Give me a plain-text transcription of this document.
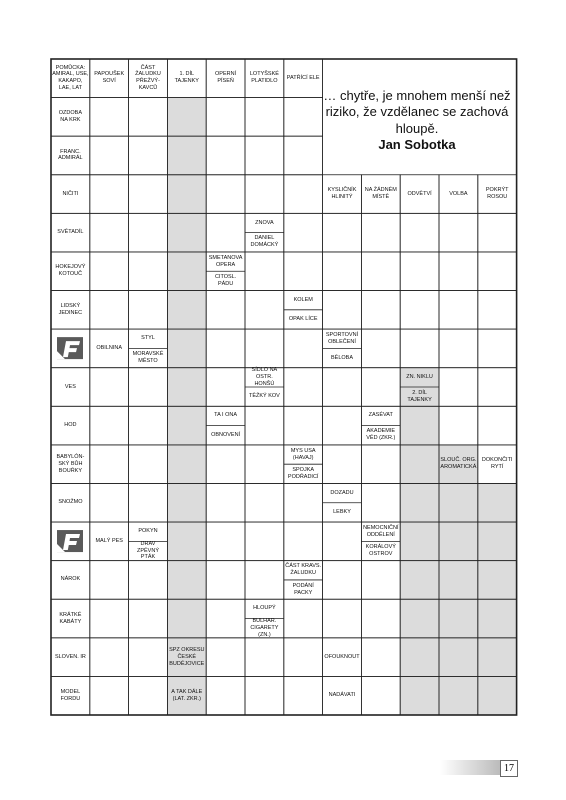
… chytře, je mnohem menší než riziko, že vzdělanec se zachová hloupě.
Jan Sobotka
17
POMŮCKA:
AMIRAL, USE,
KAKAPO,
LAE, LAT
PAPOUŠEK
SOVÍ
ČÁST
ŽALUDKU
PŘEŽVÝ-
KAVCŮ
1. DÍL
TAJENKY
OPERNÍ
PÍSEŇ
LOTYŠSKÉ
PLATIDLO
PATŘÍCÍ ELE
OZDOBA
NA KRK
FRANC.
ADMIRÁL
NIČITI
KYSLIČNÍK
HLINITÝ
NA ŽÁDNÉM
MÍSTĚ
ODVĚTVÍ	VOLBA
POKRÝT
ROSOU
SVĚTADÍL
ZNOVA
DANIEL
DOMÁCKÝ
HOKEJOVÝ
KOTOUČ
SMETANOVA
OPERA
CITOSL.
PÁDU
LIDSKÝ
JEDINEC
KOLEM
OPAK LÍCE
OBILNINA
STYL
MORAVSKÉ
MĚSTO
SPORTOVNÍ
OBLEČENÍ
BĚLOBA
VES
SÍDLO NA
OSTR.
HONŠÚ
TĚŽKÝ KOV
ZN. NIKLU
2. DÍL
TAJENKY
HOD
TA I ONA
OBNOVENÍ
ZASÉVAT
AKADEMIE
VĚD (ZKR.)
BABYLÓN-
SKÝ BŮH
BOUŘKY
MYS USA
(HAVAJ)
SPOJKA
PODŘADICÍ
SLOUČ. ORG.
AROMATICKÁ
DOKONČITI
RYTÍ
SNOŽMO
DOZADU
LEBKY
MALÝ PES
POKYN
DRAV
ZPĚVNÝ
PTÁK
NEMOCNIČNÍ
ODDĚLENÍ
KORÁLOVÝ
OSTROV
NÁROK
ČÁST KRAVS.
ŽALUDKU
PODÁNÍ
PACKY
KRÁTKÉ
KABÁTY
HLOUPÝ
BULHAR.
CIGARETY
(ZN.)
SLOVEN. IR
SPZ OKRESU
ČESKÉ
BUDĚJOVICE
OFOUKNOUT
MODEL
FORDU
A TAK DÁLE
(LAT. ZKR.)
NADÁVATI
